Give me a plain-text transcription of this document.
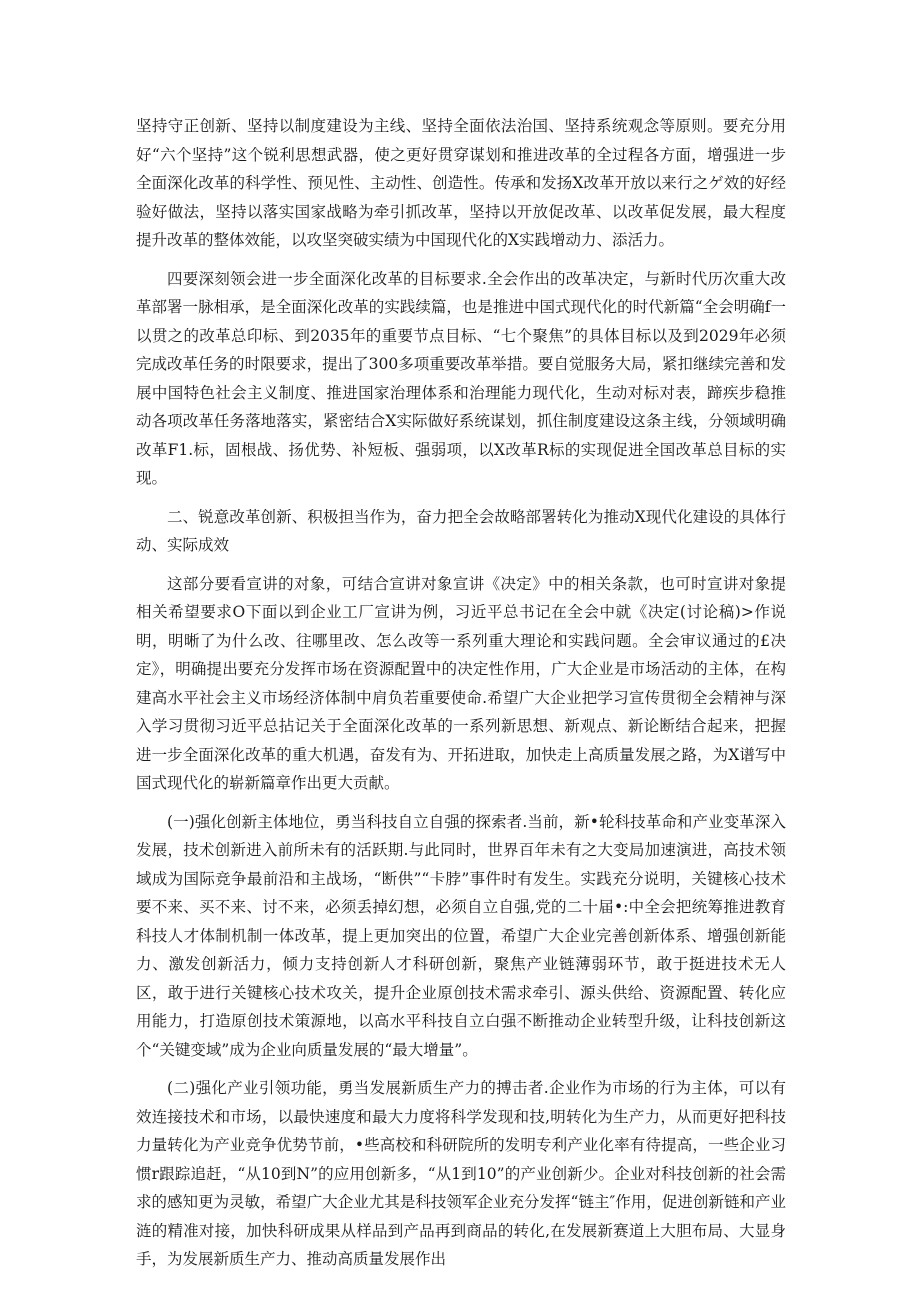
坚持守正创新、坚持以制度建设为主线、坚持全面依法治国、坚持系统观念等原则。要充分用好“六个坚持”这个锐利思想武器，使之更好贯穿谋划和推进改革的全过程各方面，增强进一步全面深化改革的科学性、预见性、主动性、创造性。传承和发扬X改革开放以来行之ゲ效的好经验好做法，坚持以落实国家战略为牵引抓改革，坚持以开放促改革、以改革促发展，最大程度提升改革的整体效能，以攻坚突破实绩为中国现代化的X实践增动力、添活力。

四要深刻领会进一步全面深化改革的目标要求.全会作出的改革决定，与新时代历次重大改革部署一脉相承，是全面深化改革的实践续篇，也是推进中国式现代化的时代新篇“全会明确f一以贯之的改革总印标、到2035年的重要节点目标、“七个聚焦”的具体目标以及到2029年必须完成改革任务的时限要求，提出了300多项重要改革举措。要自觉服务大局，紧扣继续完善和发展中国特色社会主义制度、推进国家治理体系和治理能力现代化，生动对标对表，蹄疾步稳推动各项改革任务落地落实，紧密结合X实际做好系统谋划，抓住制度建设这条主线，分领域明确改革F1.标，固根战、扬优势、补短板、强弱项，以X改革R标的实现促进全国改革总目标的实现。

二、锐意改革创新、积极担当作为，奋力把全会故略部署转化为推动X现代化建设的具体行动、实际成效

这部分要看宣讲的对象，可结合宣讲对象宣讲《决定》中的相关条款，也可时宣讲对象提相关希望要求O下面以到企业工厂宣讲为例，习近平总书记在全会中就《决定(讨论稿)>作说明，明晰了为什么改、往哪里改、怎么改等一系列重大理论和实践问题。全会审议通过的£决定》，明确提出要充分发挥市场在资源配置中的决定性作用，广大企业是市场活动的主体，在构建高水平社会主义市场经济体制中肩负若重要使命.希望广大企业把学习宣传贯彻全会精神与深入学习贯彻习近平总拈记关于全面深化改革的一系列新思想、新观点、新论断结合起来，把握进一步全面深化改革的重大机遇，奋发有为、开拓进取，加快走上高质量发展之路，为X谱写中国式现代化的崭新篇章作出更大贡献。

(一)强化创新主体地位，勇当科技自立自强的探索者.当前，新•轮科技革命和产业变革深入发展，技术创新进入前所未有的活跃期.与此同时，世界百年未有之大变局加速演进，高技术领域成为国际竞争最前沿和主战场，“断供”“卡脖”事件时有发生。实践充分说明，关键核心技术要不来、买不来、讨不来，必须丢掉幻想，必须自立自强,党的二十届•:中全会把统筹推进教育科技人才体制机制一体改革，提上更加突出的位置，希望广大企业完善创新体系、增强创新能力、激发创新活力，倾力支持创新人才科研创新，聚焦产业链薄弱环节，敢于挺进技术无人区，敢于进行关键核心技术攻关，提升企业原创技术需求牵引、源头供给、资源配置、转化应用能力，打造原创技术策源地，以高水平科技自立白强不断推动企业转型升级，让科技创新这个“关键变域”成为企业向质量发展的“最大增量”。

(二)强化产业引领功能，勇当发展新质生产力的搏击者.企业作为市场的行为主体，可以有效连接技术和市场，以最快速度和最大力度将科学发现和技,明转化为生产力，从而更好把科技力量转化为产业竞争优势节前，•些高校和科研院所的发明专利产业化率有待提高，一些企业习惯r跟踪追赶，“从10到N”的应用创新多，“从1到10”的产业创新少。企业对科技创新的社会需求的感知更为灵敏，希望广大企业尤其是科技领军企业充分发挥“链主″作用，促进创新链和产业涟的精准对接，加快科研成果从样品到产品再到商品的转化,在发展新赛道上大胆布局、大显身手，为发展新质生产力、推动高质量发展作出
